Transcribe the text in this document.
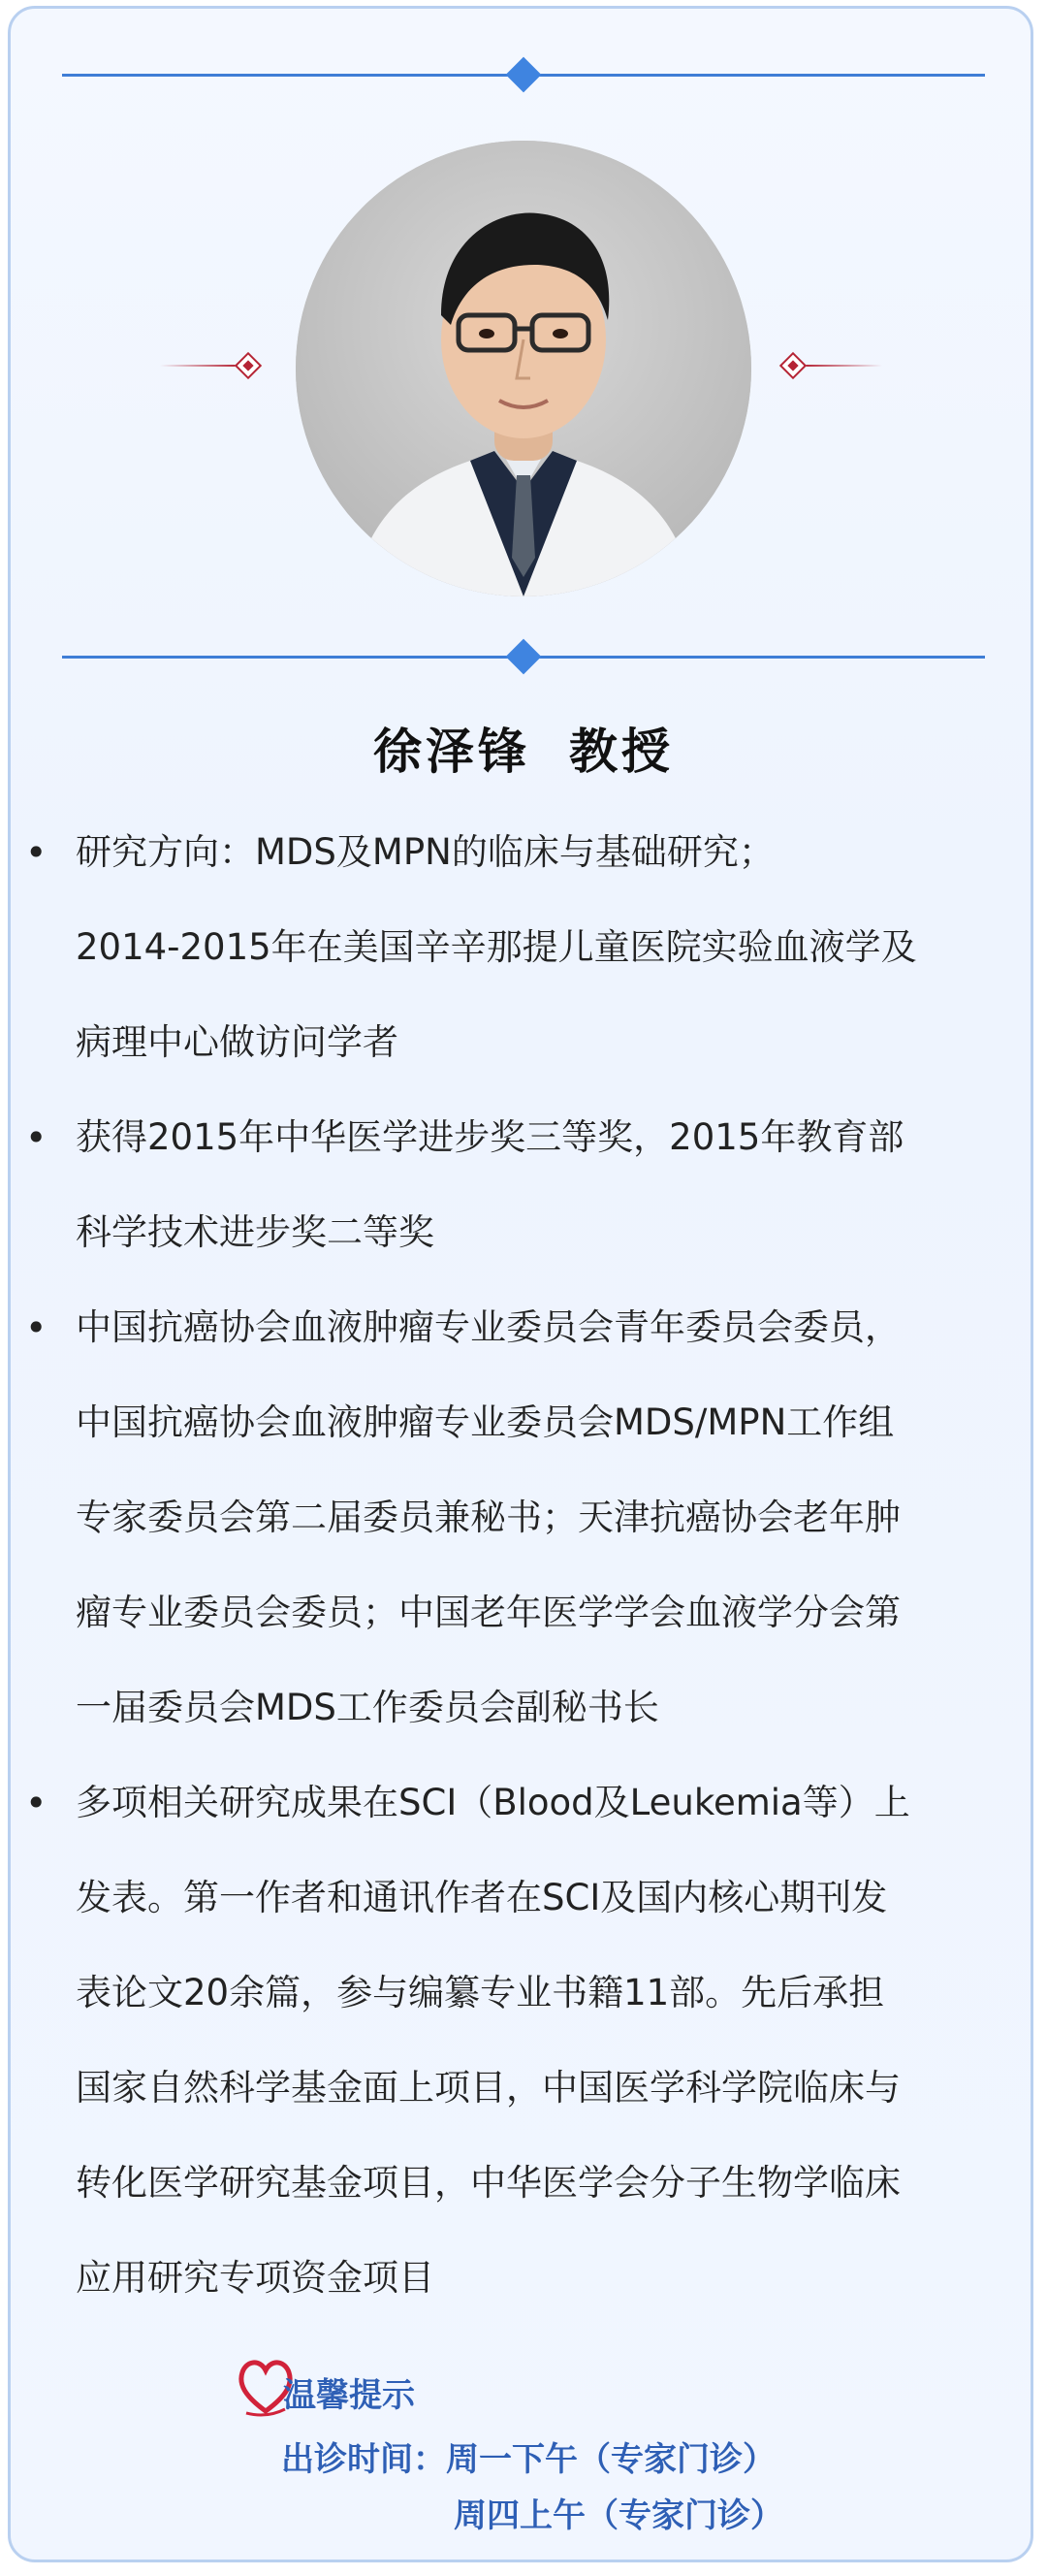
徐泽锋 教授
• 研究方向：MDS及MPN的临床与基础研究；
2014-2015年在美国辛辛那提儿童医院实验血液学及
病理中心做访问学者
• 获得2015年中华医学进步奖三等奖，2015年教育部
科学技术进步奖二等奖
• 中国抗癌协会血液肿瘤专业委员会青年委员会委员，
中国抗癌协会血液肿瘤专业委员会MDS/MPN工作组
专家委员会第二届委员兼秘书；天津抗癌协会老年肿
瘤专业委员会委员；中国老年医学学会血液学分会第
一届委员会MDS工作委员会副秘书长
• 多项相关研究成果在SCI（Blood及Leukemia等）上
发表。第一作者和通讯作者在SCI及国内核心期刊发
表论文20余篇，参与编纂专业书籍11部。先后承担
国家自然科学基金面上项目，中国医学科学院临床与
转化医学研究基金项目，中华医学会分子生物学临床
应用研究专项资金项目
温馨提示
出诊时间：周一下午（专家门诊）
周四上午（专家门诊）
